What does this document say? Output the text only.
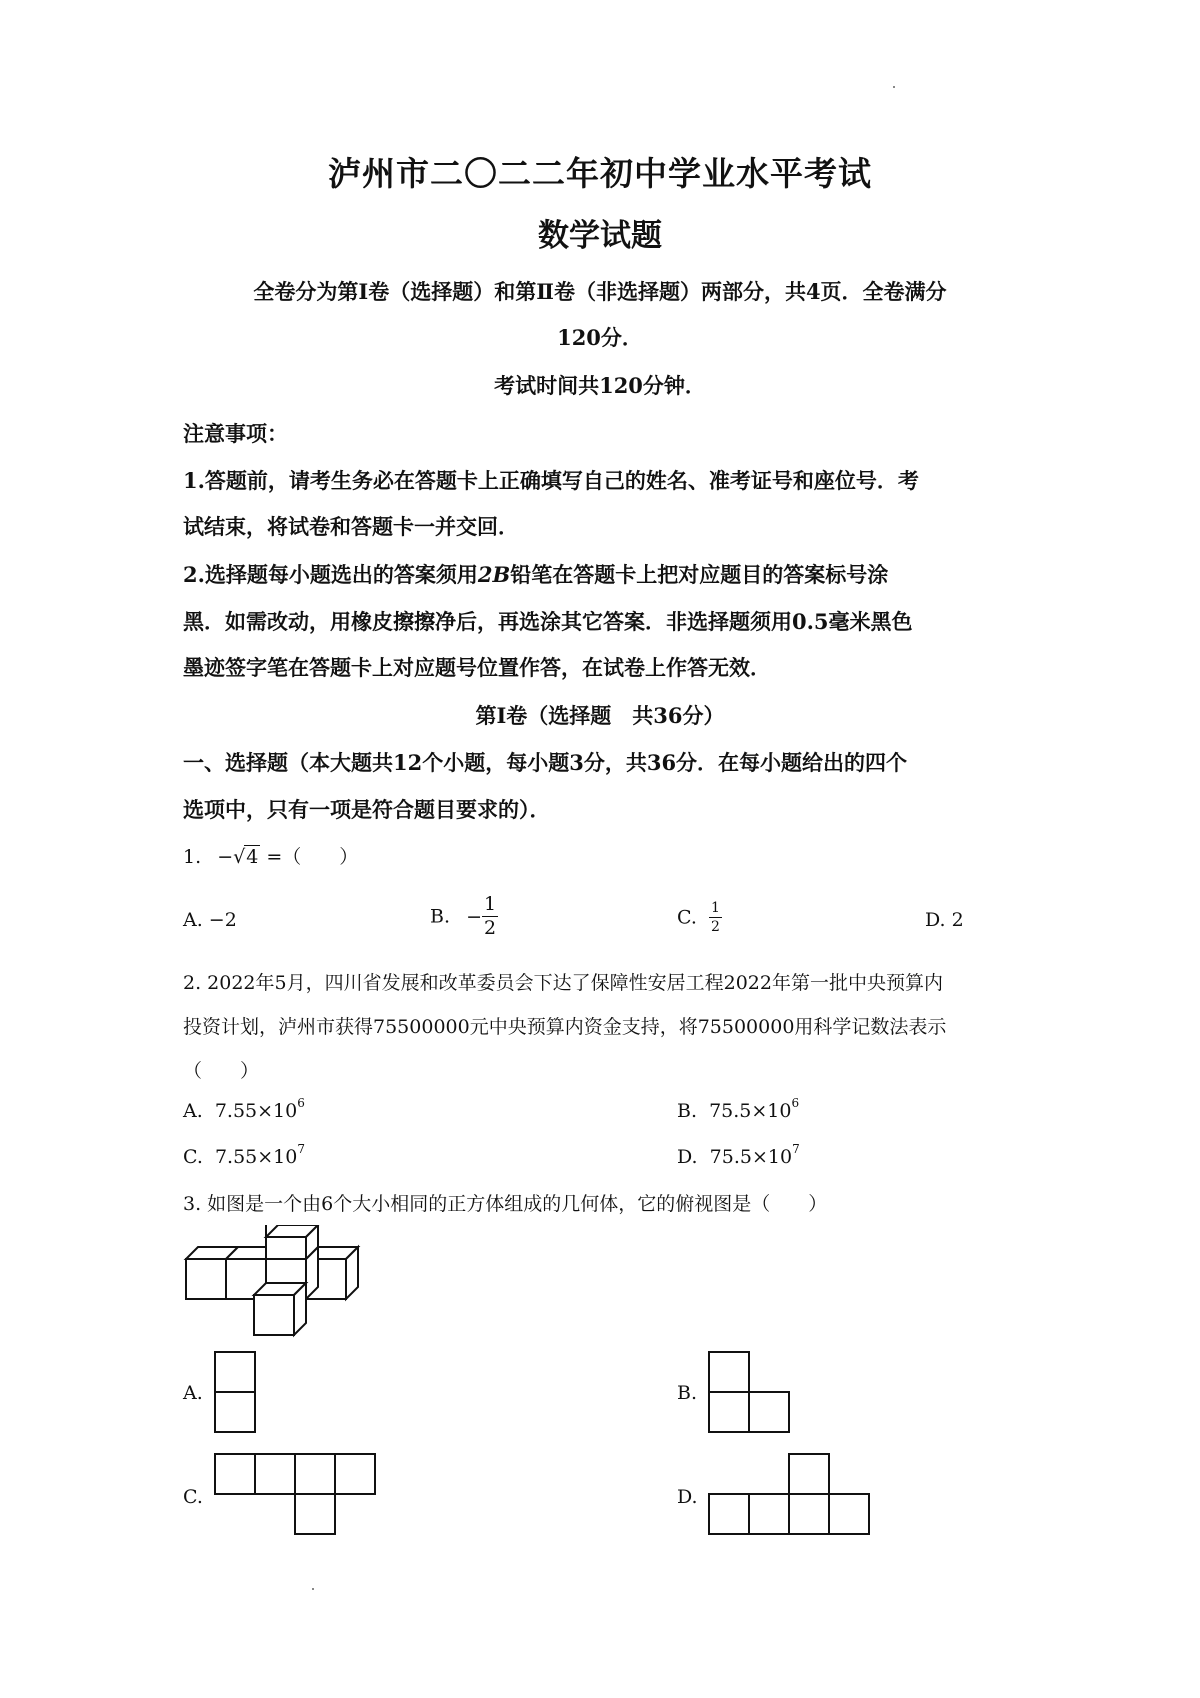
泸州市二〇二二年初中学业水平考试
数学试题
全卷分为第Ⅰ卷（选择题）和第Ⅱ卷（非选择题）两部分，共4页．全卷满分
120分．
考试时间共120分钟．
注意事项：
1.答题前，请考生务必在答题卡上正确填写自己的姓名、准考证号和座位号．考
试结束，将试卷和答题卡一并交回．
2.选择题每小题选出的答案须用2B铅笔在答题卡上把对应题目的答案标号涂
黑．如需改动，用橡皮擦擦净后，再选涂其它答案．非选择题须用0.5毫米黑色
墨迹签字笔在答题卡上对应题号位置作答，在试卷上作答无效．
第Ⅰ卷（选择题　共36分）
一、选择题（本大题共12个小题，每小题3分，共36分．在每小题给出的四个
选项中，只有一项是符合题目要求的）．
1. −√4 =（　　）
A. −2	B. − $\frac{1}{2}$	C. $\frac{1}{2}$	D. 2
2. 2022年5月，四川省发展和改革委员会下达了保障性安居工程2022年第一批中央预算内
投资计划，泸州市获得75500000元中央预算内资金支持，将75500000用科学记数法表示
（　　）
A. $7.55\times 10^6$	B. $75.5\times 10^6$
C. $7.55\times 10^7$	D. $75.5\times 10^7$
3. 如图是一个由6个大小相同的正方体组成的几何体，它的俯视图是（　　）
A.	B.
C.	D.
